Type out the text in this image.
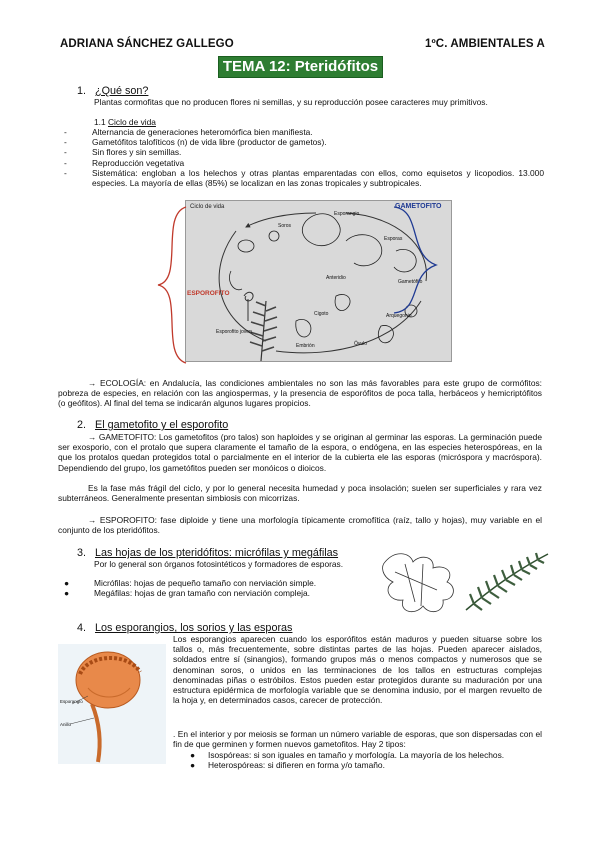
ADRIANA SÁNCHEZ GALLEGO	1ºC. AMBIENTALES A
TEMA 12: Pteridófitos
1. ¿Qué son?
Plantas cormofitas que no producen flores ni semillas, y su reproducción posee caracteres muy primitivos.
1.1 Ciclo de vida
-	Alternancia de generaciones heteromórfica bien manifiesta.
-	Gametófitos talofíticos (n) de vida libre (productor de gametos).
-	Sin flores y sin semillas.
-	Reproducción vegetativa
-	Sistemática: engloban a los helechos y otras plantas emparentadas con ellos, como equisetos y licopodios. 13.000 especies. La mayoría de ellas (85%) se localizan en las zonas tropicales y subtropicales.
Ciclo de vida
Soros
Esporangio
Esporas
Gametófito
Anteridio
Arquegonio
Óvulo
Cigoto
Embrión
Esporofito joven
GAMETOFITO
ESPOROFITO
→ ECOLOGÍA: en Andalucía, las condiciones ambientales no son las más favorables para este grupo de cormófitos: pobreza de especies, en relación con las angiospermas, y la presencia de esporófitos de poca talla, herbáceos y hemicriptófitos (o geófitos). Al final del tema se indicarán algunos lugares propicios.
2. El gametofito y el esporofito
→ GAMETOFITO: Los gametofitos (pro talos) son haploides y se originan al germinar las esporas. La germinación puede ser exosporio, con el protalo que supera claramente el tamaño de la espora, o endógena, en las especies heterospóreas, en la que los protalos quedan protegidos total o parcialmente en el interior de la cubierta ele las esporas (micróspora y macróspora). Dependiendo del grupo, los gametófitos pueden ser monóicos o dioicos.
Es la fase más frágil del ciclo, y por lo general necesita humedad y poca insolación; suelen ser superficiales y rara vez subterráneos. Generalmente presentan simbiosis con micorrizas.
→ ESPOROFITO: fase diploide y tiene una morfología típicamente cromofítica (raíz, tallo y hojas), muy variable en el conjunto de los pteridófitos.
3. Las hojas de los pteridófitos: micrófilas y megáfilas
Por lo general son órganos fotosintéticos y formadores de esporas.
●	Micrófilas: hojas de pequeño tamaño con nerviación simple.
●	Megáfilas: hojas de gran tamaño con nerviación compleja.
4. Los esporangios, los sorios y las esporas
Esporangio
Anillo
Los esporangios aparecen cuando los esporófitos están maduros y pueden situarse sobre los tallos o, más frecuentemente, sobre distintas partes de las hojas. Pueden aparecer aislados, soldados entre sí (sinangios), formando grupos más o menos compactos y numerosos que se denominan soros, o unidos en las terminaciones de los tallos en estructuras complejas denominadas piñas o estróbilos. Estos pueden estar protegidos durante su maduración por una estructura epidérmica de morfología variable que se denomina indusio, por el margen revuelto de la hoja y, en determinados casos, carecer de protección.
. En el interior y por meiosis se forman un número variable de esporas, que son dispersadas con el fin de que germinen y formen nuevos gametofitos. Hay 2 tipos:
● Isospóreas: si son iguales en tamaño y morfología. La mayoría de los helechos.
● Heterospóreas: si difieren en forma y/o tamaño.
